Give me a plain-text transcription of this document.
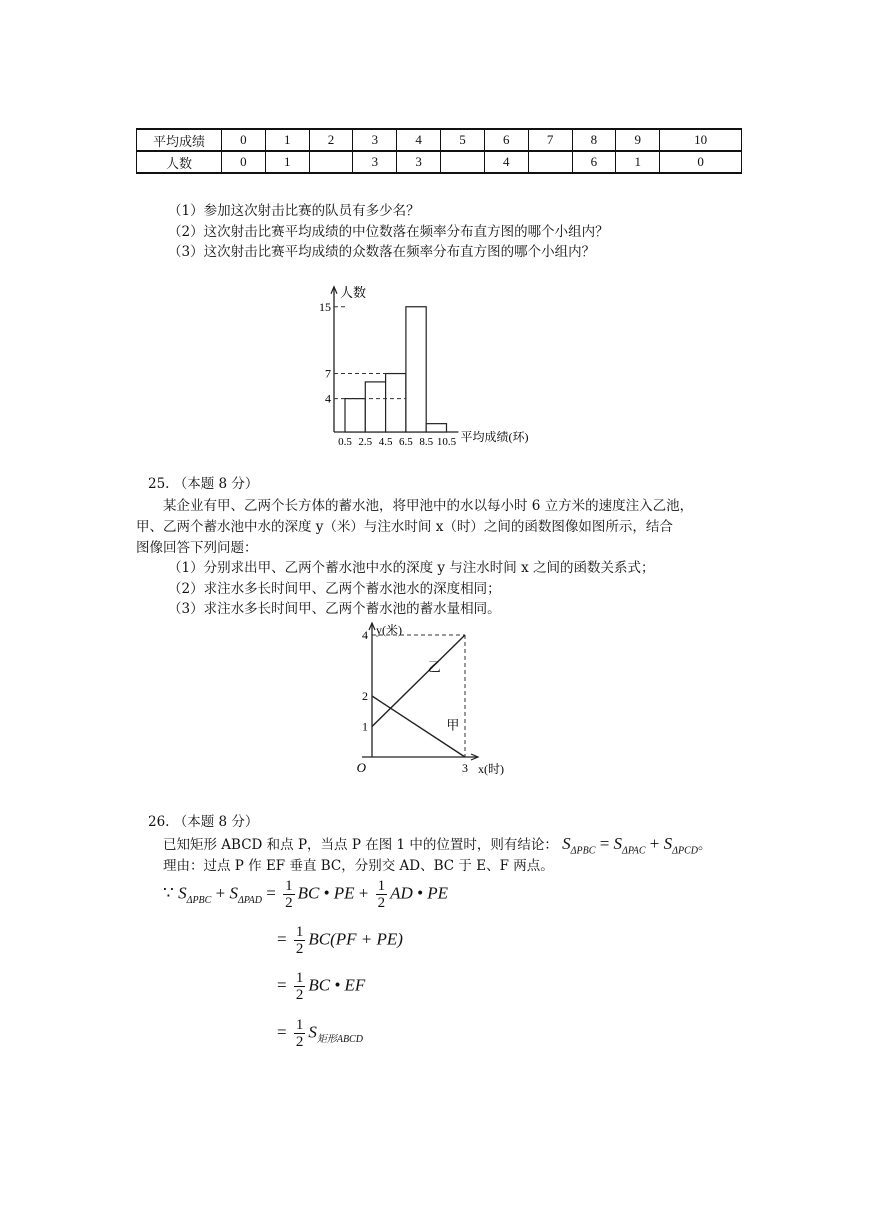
平均成绩	0	1	2	3	4	5	6	7	8	9	10
人数	0	1		3	3		4		6	1	0
（1）参加这次射击比赛的队员有多少名？
（2）这次射击比赛平均成绩的中位数落在频率分布直方图的哪个小组内？
（3）这次射击比赛平均成绩的众数落在频率分布直方图的哪个小组内？
人数
平均成绩(环)
4
7
15
0.5 2.5 4.5 6.5 8.5 10.5
25. （本题 8 分）
某企业有甲、乙两个长方体的蓄水池，将甲池中的水以每小时 6 立方米的速度注入乙池，
甲、乙两个蓄水池中水的深度 y（米）与注水时间 x（时）之间的函数图像如图所示，结合
图像回答下列问题：
（1）分别求出甲、乙两个蓄水池中水的深度 y 与注水时间 x 之间的函数关系式；
（2）求注水多长时间甲、乙两个蓄水池水的深度相同；
（3）求注水多长时间甲、乙两个蓄水池的蓄水量相同。
y(米)
x(时)
O
乙
甲
1
2
4
3
26. （本题 8 分）
已知矩形 ABCD 和点 P，当点 P 在图 1 中的位置时，则有结论： $S_{\Delta PBC} = S_{\Delta PAC} + S_{\Delta PCD}$。
理由：过点 P 作 EF 垂直 BC，分别交 AD、BC 于 E、F 两点。
∵ $S_{\Delta PBC} + S_{\Delta PAD} = \frac{1}{2}$ BC • PE + $\frac{1}{2}$ AD • PE
= $\frac{1}{2} BC(PF + PE)$
= $\frac{1}{2}$ BC • EF
= $\frac{1}{2} S_{矩形ABCD}$
